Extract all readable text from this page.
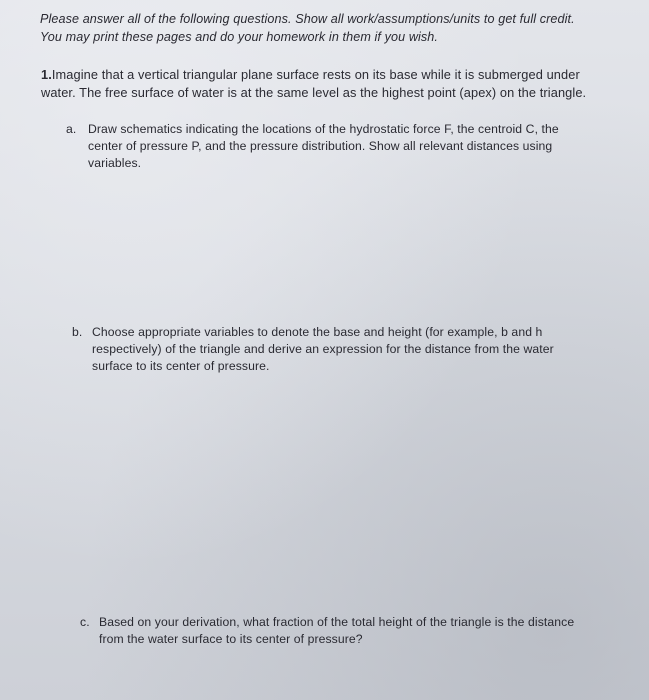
Please answer all of the following questions. Show all work/assumptions/units to get full credit.
You may print these pages and do your homework in them if you wish.
1.Imagine that a vertical triangular plane surface rests on its base while it is submerged under
water. The free surface of water is at the same level as the highest point (apex) on the triangle.
a. Draw schematics indicating the locations of the hydrostatic force F, the centroid C, the
center of pressure P, and the pressure distribution. Show all relevant distances using
variables.
b. Choose appropriate variables to denote the base and height (for example, b and h
respectively) of the triangle and derive an expression for the distance from the water
surface to its center of pressure.
c. Based on your derivation, what fraction of the total height of the triangle is the distance
from the water surface to its center of pressure?
